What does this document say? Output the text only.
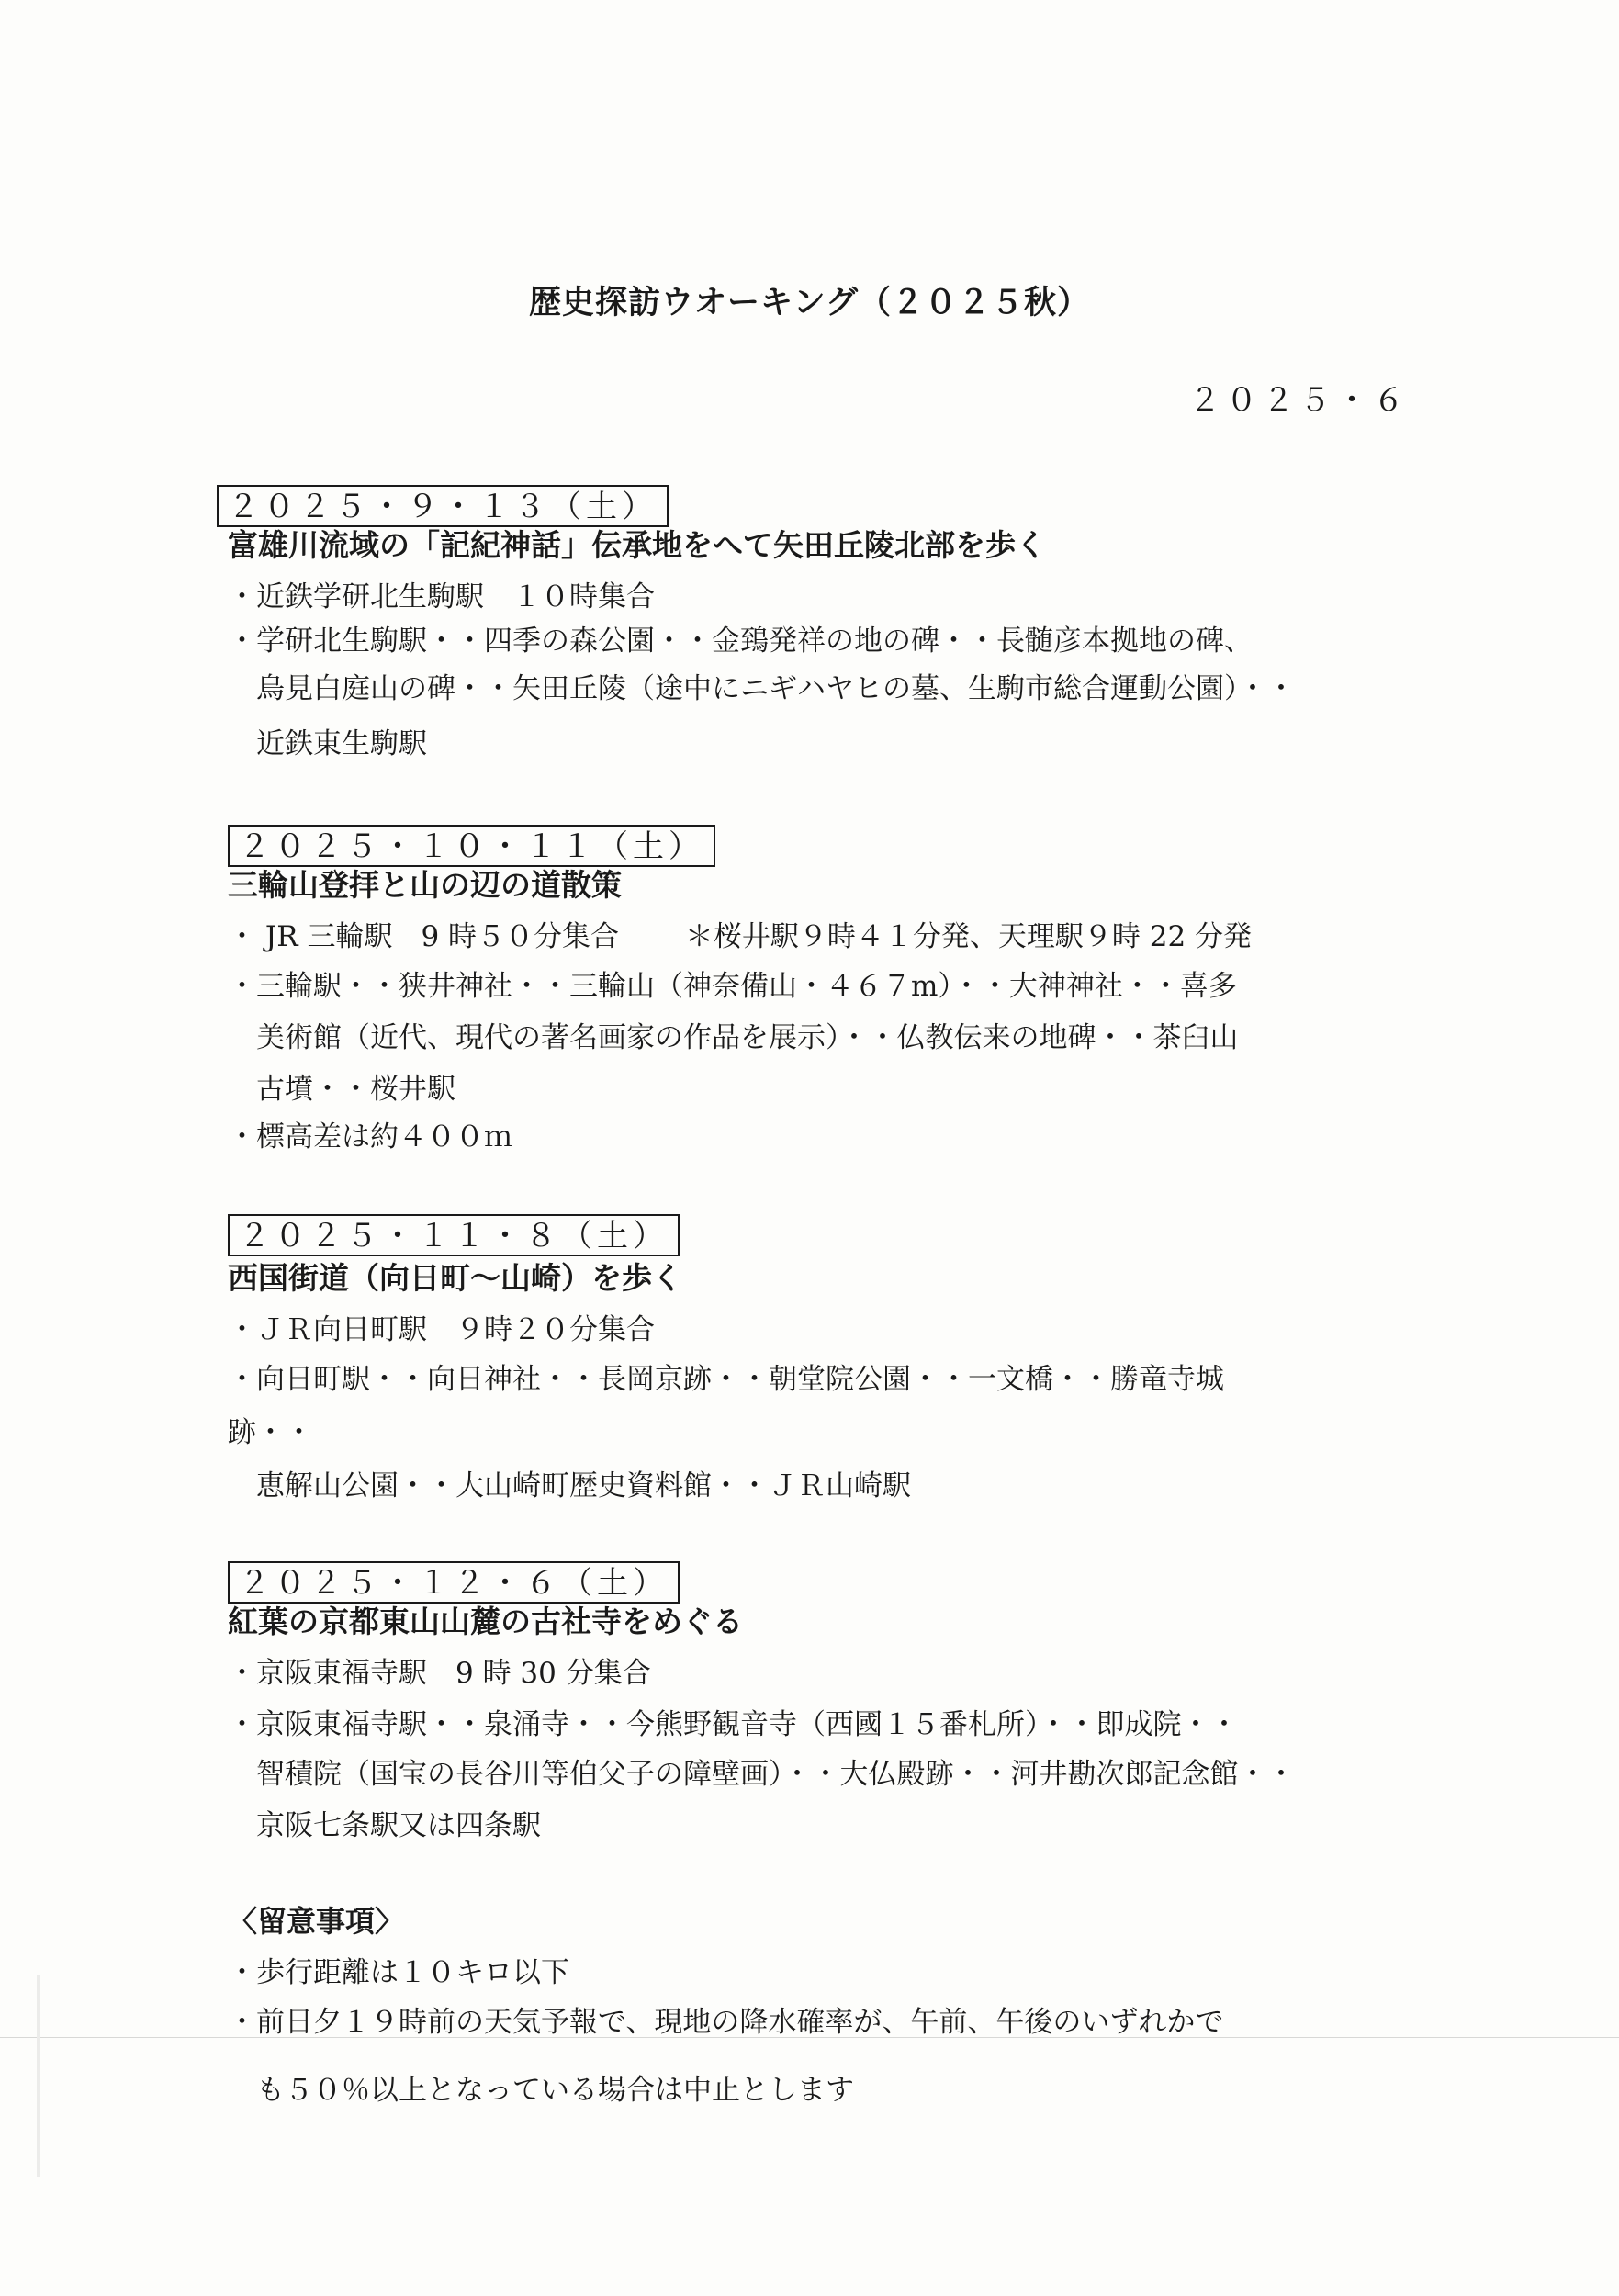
歴史探訪ウオーキング（２０２５秋）
２０２５・６
２０２５・９・１３（土）
富雄川流域の「記紀神話」伝承地をへて矢田丘陵北部を歩く
・近鉄学研北生駒駅　１０時集合
・学研北生駒駅・・四季の森公園・・金鵄発祥の地の碑・・長髄彦本拠地の碑、
　鳥見白庭山の碑・・矢田丘陵（途中にニギハヤヒの墓、生駒市総合運動公園）・・
　近鉄東生駒駅
２０２５・１０・１１（土）
三輪山登拝と山の辺の道散策
・ JR 三輪駅　9 時５０分集合　　 ＊桜井駅９時４１分発、天理駅９時 22 分発
・三輪駅・・狭井神社・・三輪山（神奈備山・４６７m）・・大神神社・・喜多
　美術館（近代、現代の著名画家の作品を展示）・・仏教伝来の地碑・・茶臼山
　古墳・・桜井駅
・標高差は約４００ｍ
２０２５・１１・８（土）
西国街道（向日町～山崎）を歩く
・ＪＲ向日町駅　９時２０分集合
・向日町駅・・向日神社・・長岡京跡・・朝堂院公園・・一文橋・・勝竜寺城
跡・・
　恵解山公園・・大山崎町歴史資料館・・ＪＲ山崎駅
２０２５・１２・６（土）
紅葉の京都東山山麓の古社寺をめぐる
・京阪東福寺駅　9 時 30 分集合
・京阪東福寺駅・・泉涌寺・・今熊野観音寺（西國１５番札所）・・即成院・・
　智積院（国宝の長谷川等伯父子の障壁画）・・大仏殿跡・・河井勘次郎記念館・・
　京阪七条駅又は四条駅
〈留意事項〉
・歩行距離は１０キロ以下
・前日夕１９時前の天気予報で、現地の降水確率が、午前、午後のいずれかで
　も５０％以上となっている場合は中止とします
